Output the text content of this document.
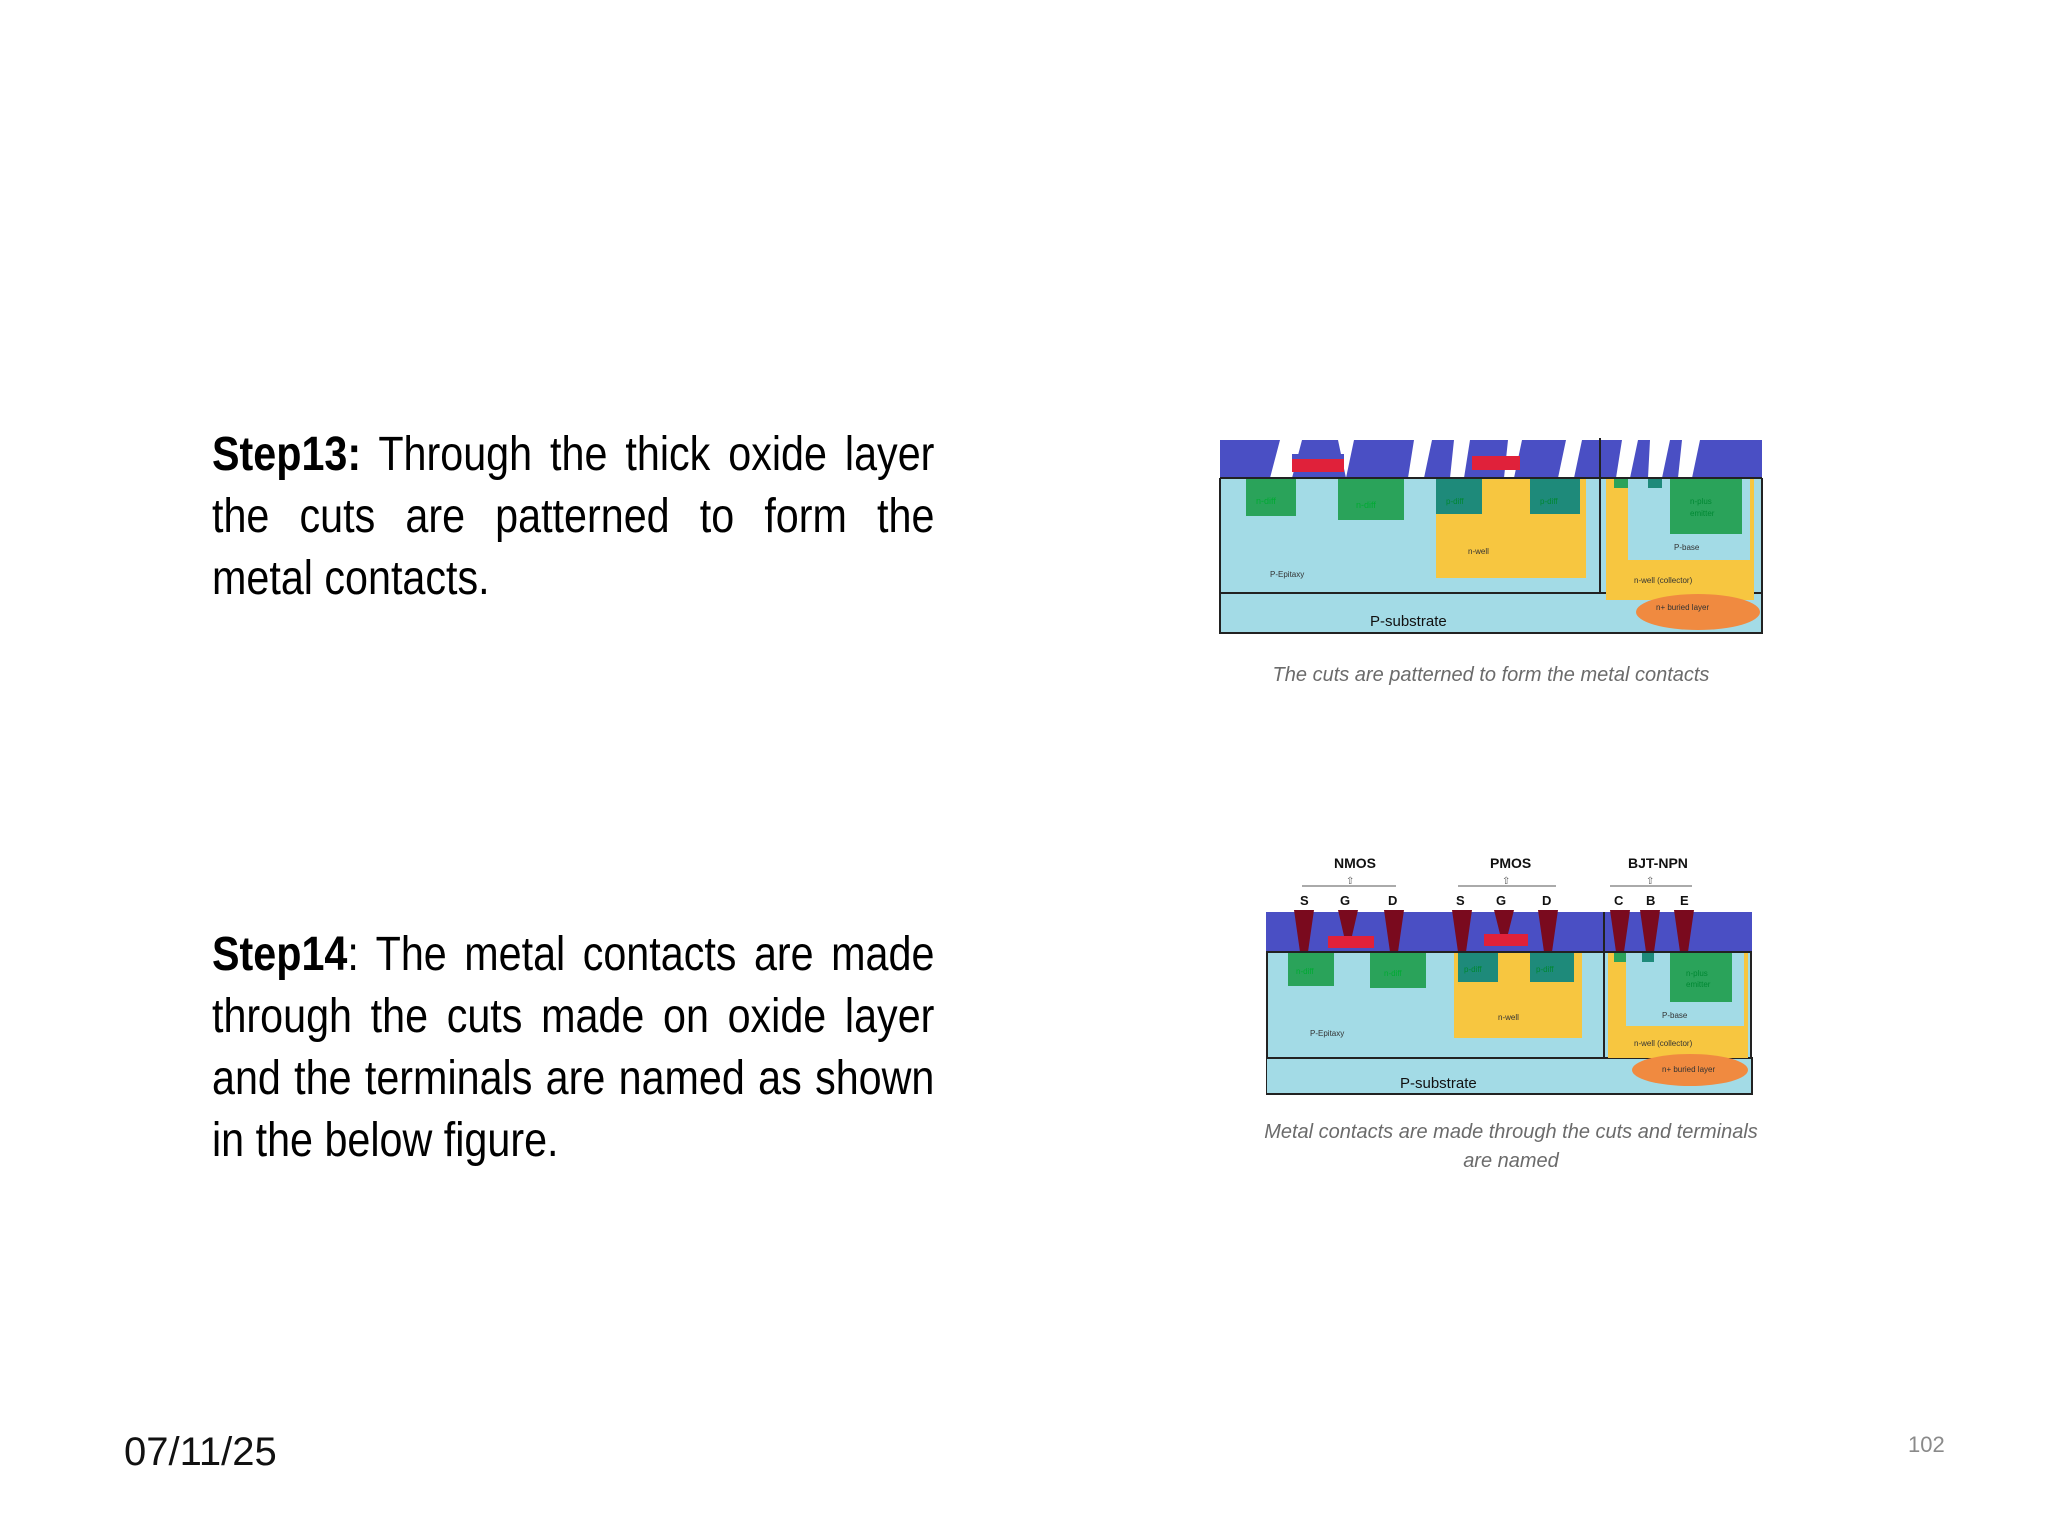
Step13: Through the thick oxide layer the cuts are patterned to form the metal contacts.
Step14: The metal contacts are made through the cuts made on oxide layer and the terminals are named as shown in the below figure.
n-diff	n-diff	p-diff	p-diff	n-plus
emitter
P-base
n-well
P-Epitaxy
n-well (collector)
n+ buried layer
P-substrate
The cuts are patterned to form the metal contacts
NMOS	PMOS	BJT-NPN
⇧	⇧	⇧
S G	D	S G	D	C B E
n-diff	n-diff	p-diff	p-diff	n-plus
emitter
P-base
n-well
P-Epitaxy
n-well (collector)
n+ buried layer
P-substrate
Metal contacts are made through the cuts and terminals
are named
07/11/25	102
